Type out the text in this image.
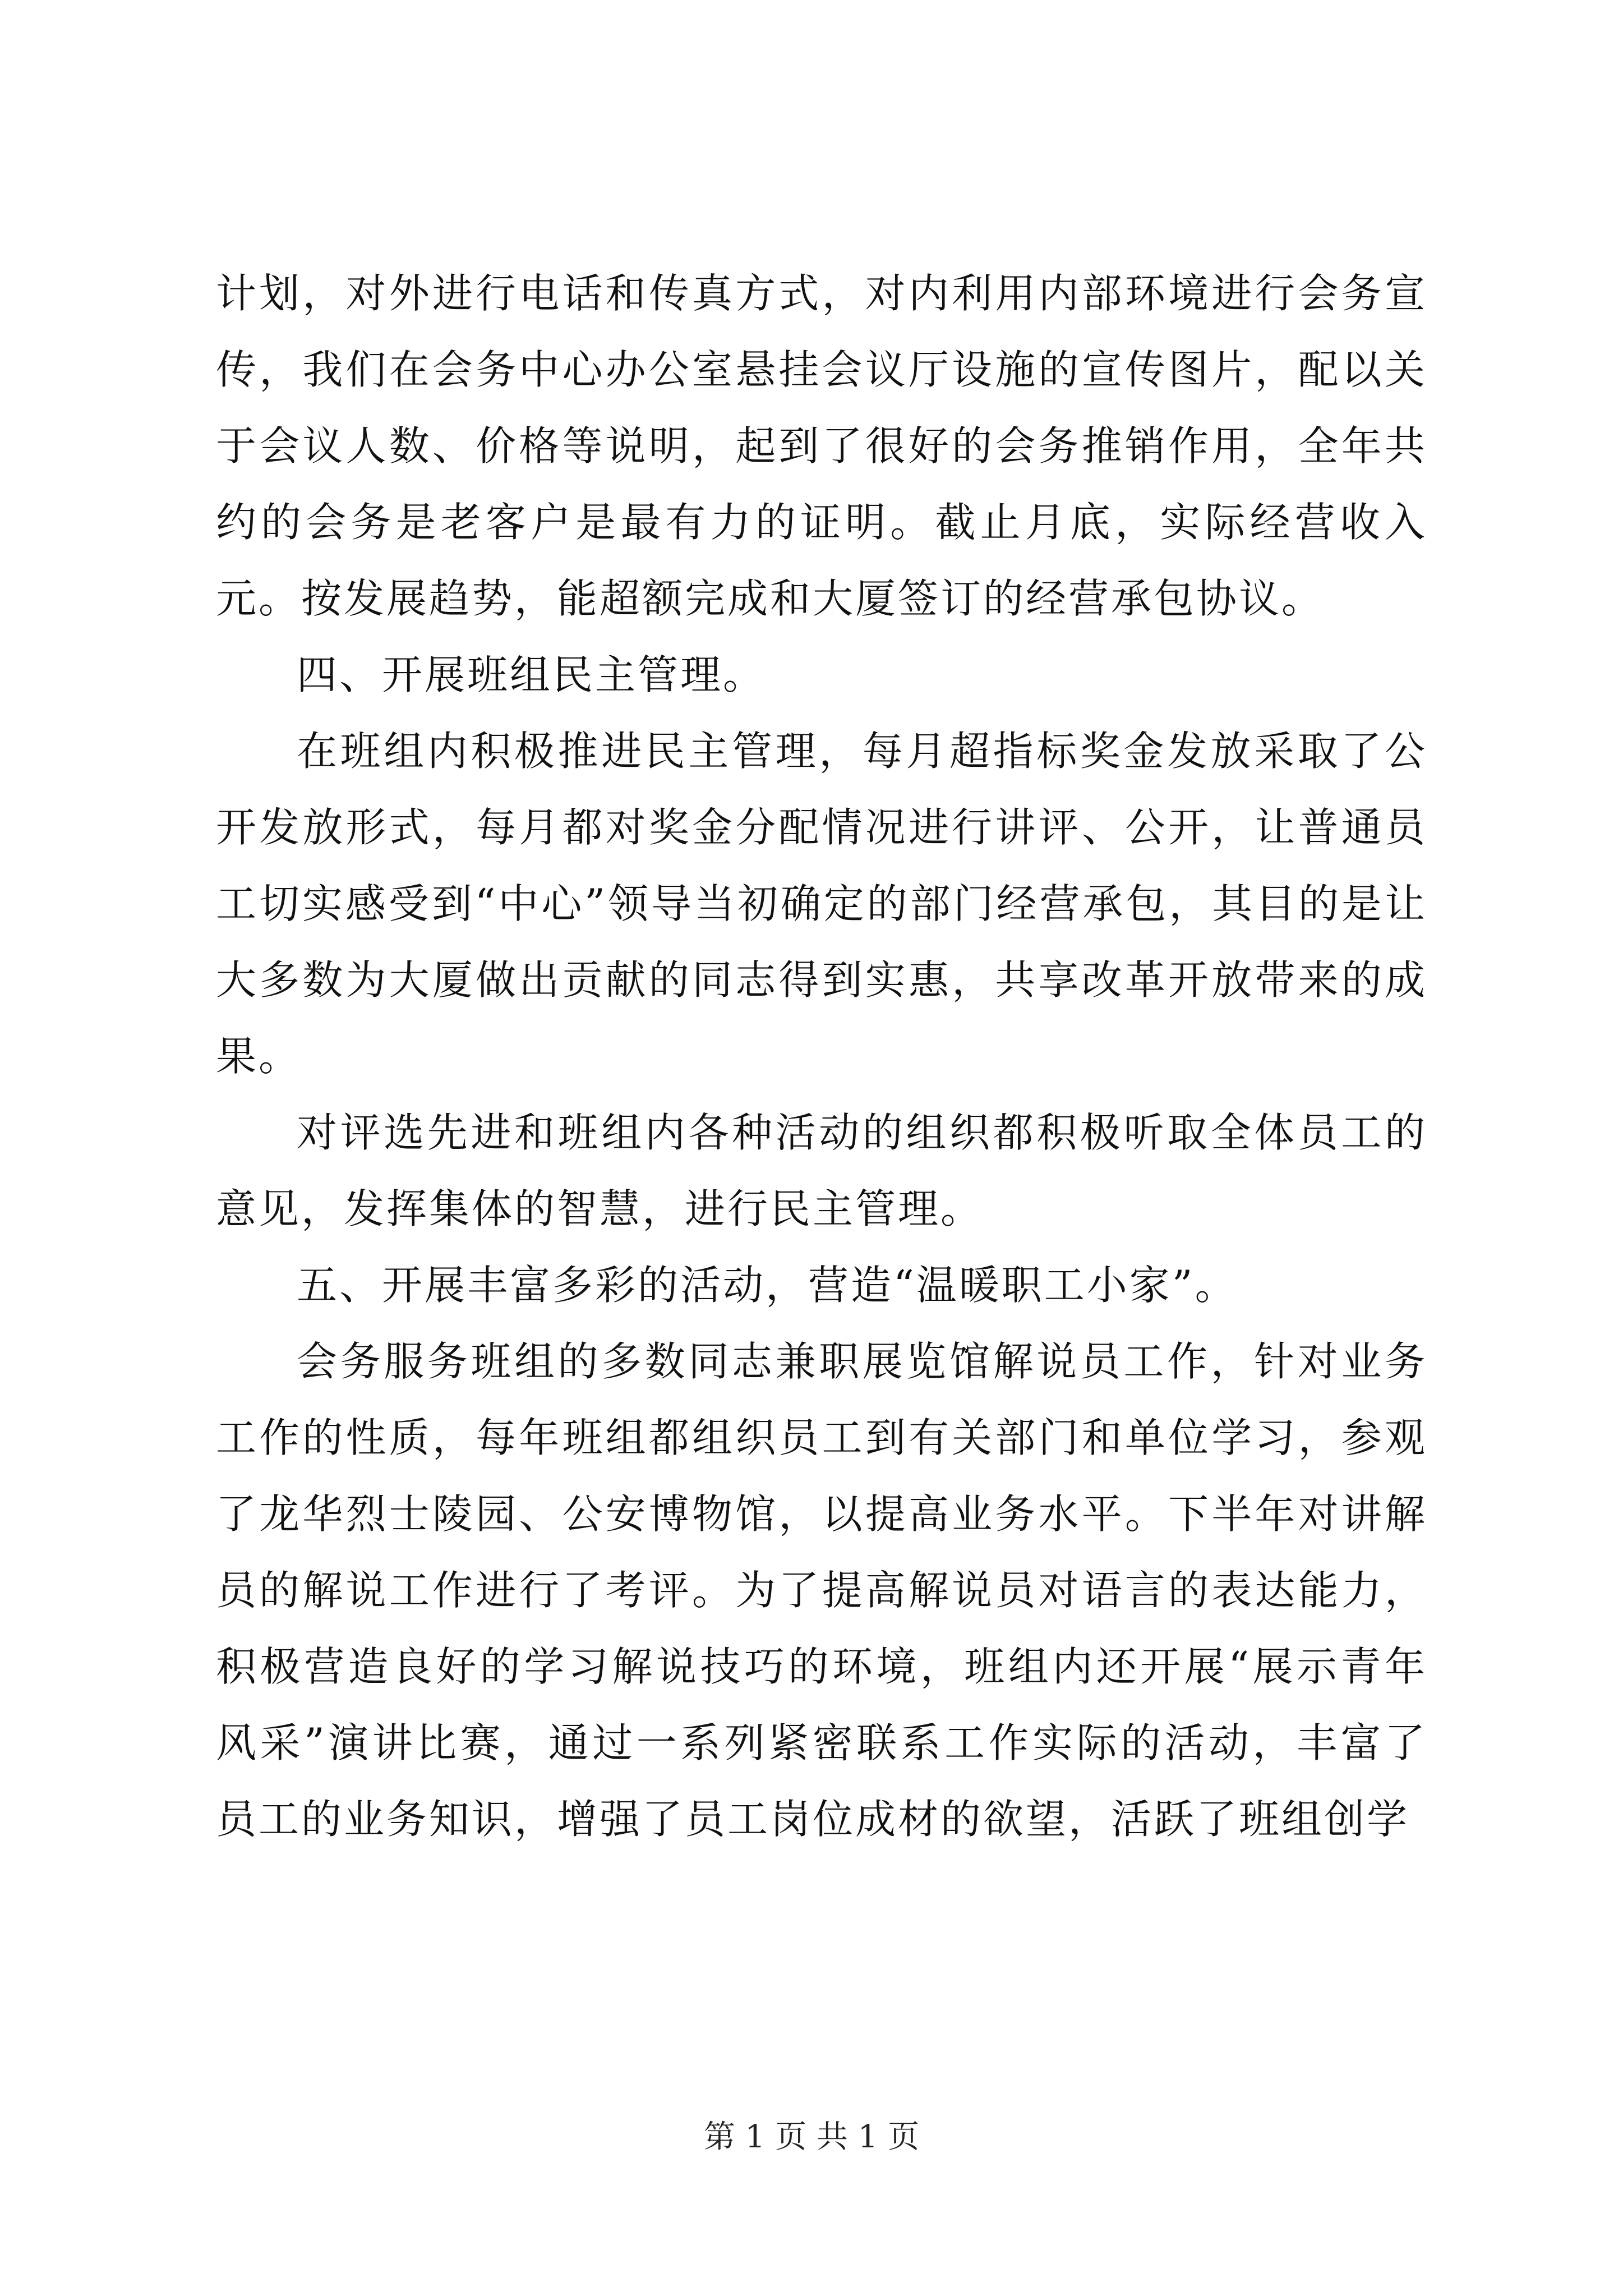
计划，对外进行电话和传真方式，对内利用内部环境进行会务宣传，我们在会务中心办公室悬挂会议厅设施的宣传图片，配以关于会议人数、价格等说明，起到了很好的会务推销作用，全年共约的会务是老客户是最有力的证明。截止月底，实际经营收入元。按发展趋势，能超额完成和大厦签订的经营承包协议。

四、开展班组民主管理。

在班组内积极推进民主管理，每月超指标奖金发放采取了公开发放形式，每月都对奖金分配情况进行讲评、公开，让普通员工切实感受到“中心”领导当初确定的部门经营承包，其目的是让大多数为大厦做出贡献的同志得到实惠，共享改革开放带来的成果。

对评选先进和班组内各种活动的组织都积极听取全体员工的意见，发挥集体的智慧，进行民主管理。

五、开展丰富多彩的活动，营造“温暖职工小家”。

会务服务班组的多数同志兼职展览馆解说员工作，针对业务工作的性质，每年班组都组织员工到有关部门和单位学习，参观了龙华烈士陵园、公安博物馆，以提高业务水平。下半年对讲解员的解说工作进行了考评。为了提高解说员对语言的表达能力，积极营造良好的学习解说技巧的环境，班组内还开展“展示青年风采”演讲比赛，通过一系列紧密联系工作实际的活动，丰富了员工的业务知识，增强了员工岗位成材的欲望，活跃了班组创学

第 1 页 共 1 页
